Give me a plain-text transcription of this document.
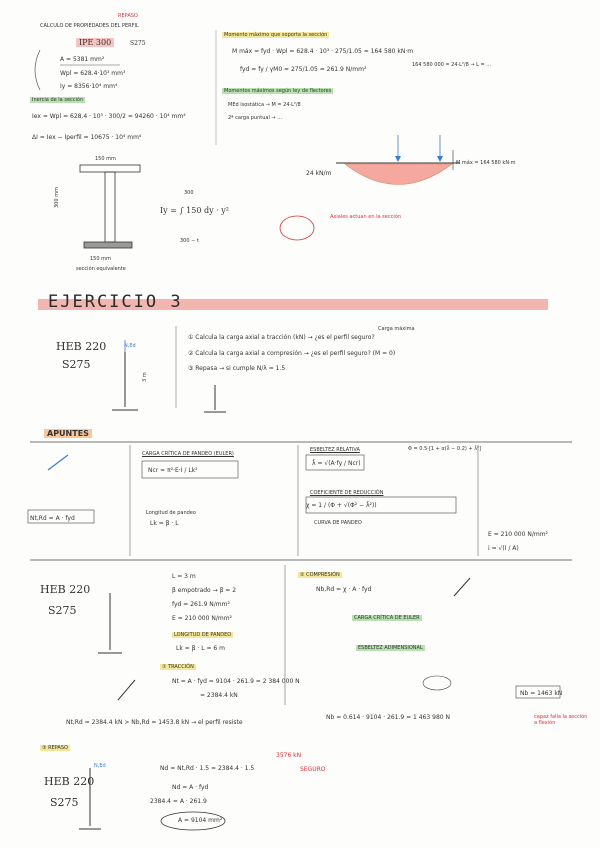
REPASO
CALCULO DE PROPIEDADES DEL PERFIL
IPE 300	S275
A = 5381 mm²
Wpl = 628.4·10³ mm³
Iy = 8356·10⁴ mm⁴
Inercia de la sección
Iex = Wpl = 628.4 · 10³ · 300/2 = 94260 · 10⁴ mm⁴
ΔI = Iex − Iperfil = 10675 · 10⁴ mm⁴
Momento máximo que soporta la sección
M máx = fyd · Wpl = 628.4 · 10³ · 275/1.05 = 164 580 kN·m
fyd = fy / γM0 = 275/1.05 = 261.9 N/mm²
164 580 000 = 24·L²/8 → L = ...
Momentos máximos según ley de flectores
MEd isostática → M = 24·L²/8
2ª carga puntual → ...
24 kN/m
M máx = 164 580 kN·m
Axiales actuan en la sección
150 mm
300 mm
150 mm
sección equivalente
Iy = ∫ 150 dy · y²
300
300 − t
EJERCICIO 3
HEB 220
S275
N,Ed
3 m
Carga máxima
① Calcula la carga axial a tracción (kN) → ¿es el perfil seguro?
② Calcula la carga axial a compresión → ¿es el perfil seguro? (M = 0)
③ Repasa → si cumple N/λ = 1.5
APUNTES
Nt,Rd = A · fyd
CARGA CRÍTICA DE PANDEO (EULER)
Ncr = π²·E·I / Lk²
Longitud de pandeo
Lk = β · L
ESBELTEZ RELATIVA
λ̄ = √(A·fy / Ncr)
COEFICIENTE DE REDUCCIÓN
χ = 1 / (Φ + √(Φ² − λ̄²))
CURVA DE PANDEO
Φ = 0.5·[1 + α(λ̄ − 0.2) + λ̄²]
E = 210 000 N/mm²
i = √(I / A)
HEB 220
S275
L = 3 m
β empotrado → β = 2
fyd = 261.9 N/mm²
E = 210 000 N/mm²
LONGITUD DE PANDEO
Lk = β · L = 6 m
① TRACCIÓN
Nt = A · fyd = 9104 · 261.9 = 2 384 000 N
= 2384.4 kN
② COMPRESIÓN
Nb,Rd = χ · A · fyd
CARGA CRÍTICA DE EULER
ESBELTEZ ADIMENSIONAL
Nt,Rd = 2384.4 kN > Nb,Rd = 1453.8 kN → el perfil resiste
Nb = 0.614 · 9104 · 261.9 = 1 463 980 N	capaz falla la sección a flexión
Nb = 1463 kN
③ REPASO
HEB 220
S275
N,Ed	Nd = Nt,Rd · 1.5 = 2384.4 · 1.5
3576 kN
SEGURO
Nd = A · fyd
2384.4 = A · 261.9
A = 9104 mm²
